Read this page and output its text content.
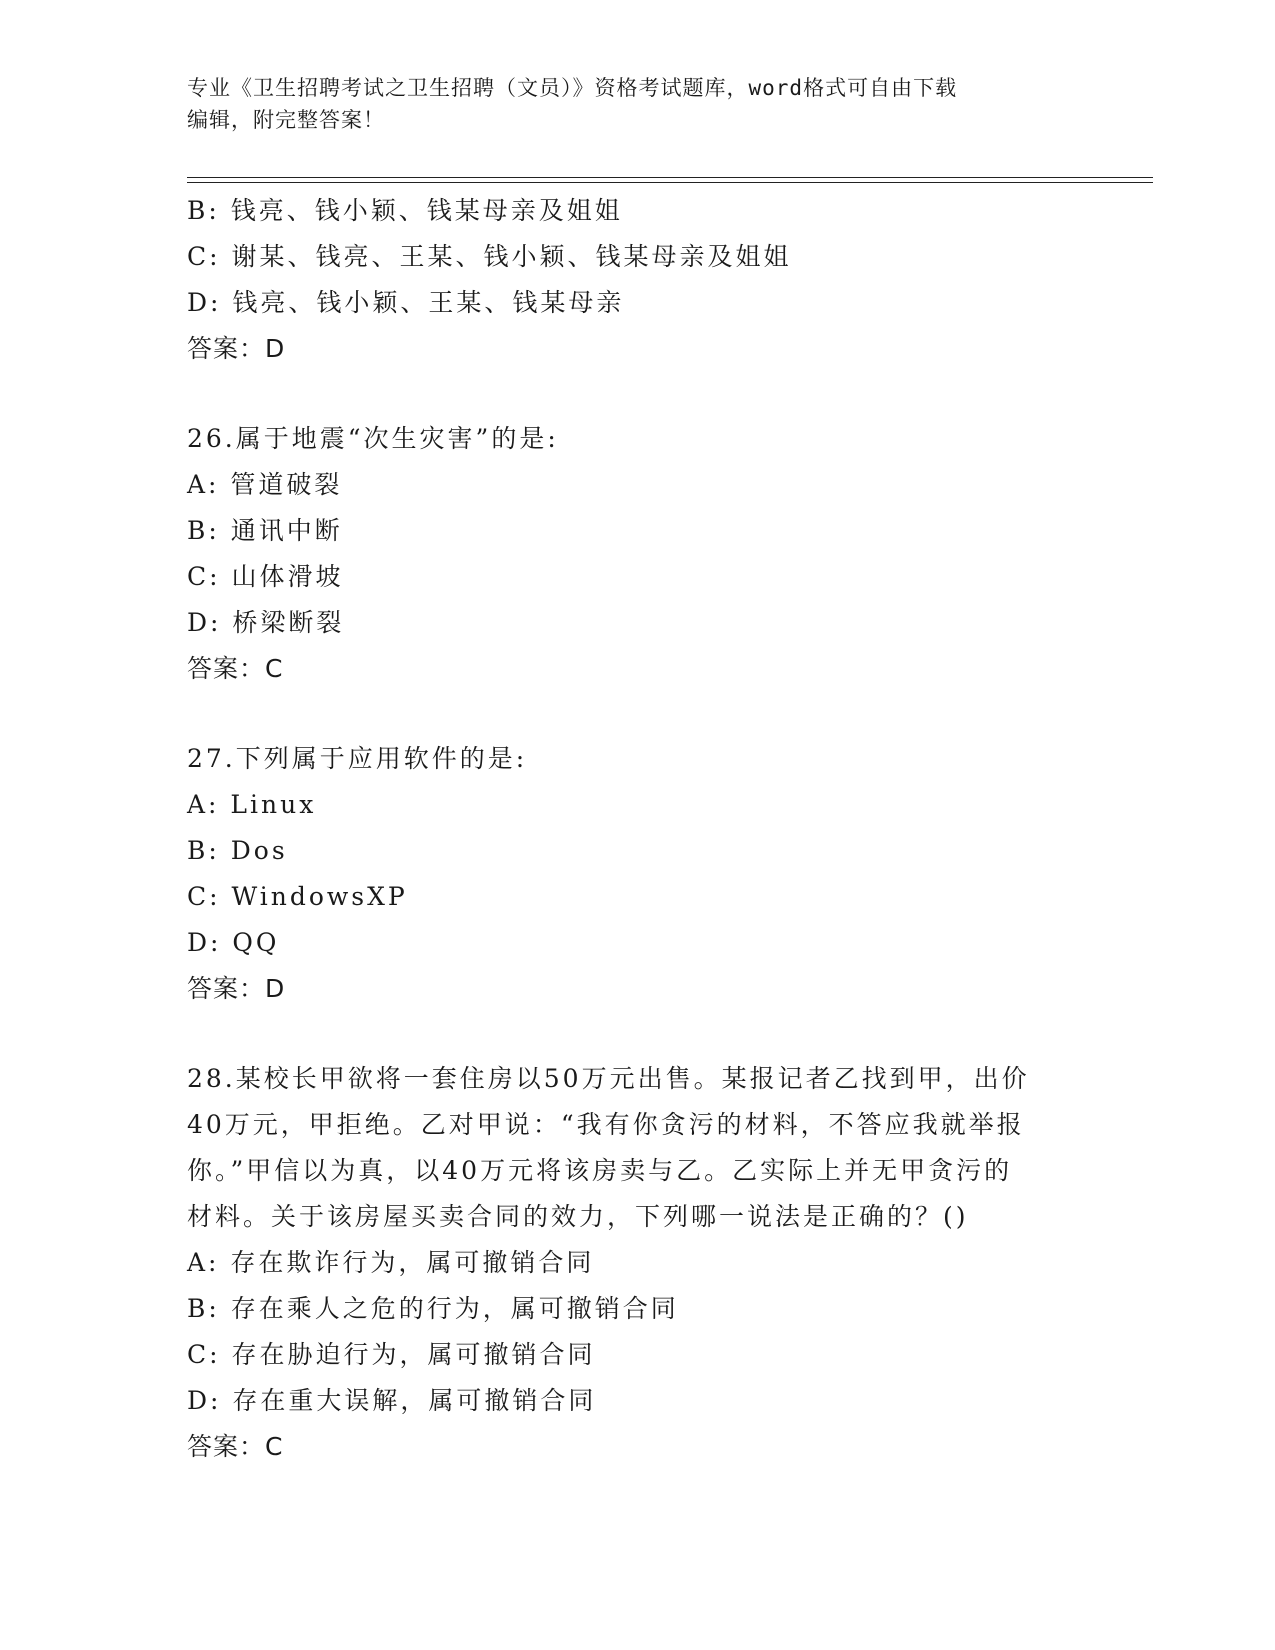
专业《卫生招聘考试之卫生招聘（文员）》资格考试题库，word格式可自由下载
编辑，附完整答案！
B: 钱亮、钱小颖、钱某母亲及姐姐
C: 谢某、钱亮、王某、钱小颖、钱某母亲及姐姐
D: 钱亮、钱小颖、王某、钱某母亲
答案：D
26.属于地震“次生灾害”的是:
A: 管道破裂
B: 通讯中断
C: 山体滑坡
D: 桥梁断裂
答案：C
27.下列属于应用软件的是:
A: Linux
B: Dos
C: WindowsXP
D: QQ
答案：D
28.某校长甲欲将一套住房以50万元出售。某报记者乙找到甲，出价
40万元，甲拒绝。乙对甲说：“我有你贪污的材料，不答应我就举报
你。”甲信以为真，以40万元将该房卖与乙。乙实际上并无甲贪污的
材料。关于该房屋买卖合同的效力，下列哪一说法是正确的？()
A: 存在欺诈行为，属可撤销合同
B: 存在乘人之危的行为，属可撤销合同
C: 存在胁迫行为，属可撤销合同
D: 存在重大误解，属可撤销合同
答案：C
